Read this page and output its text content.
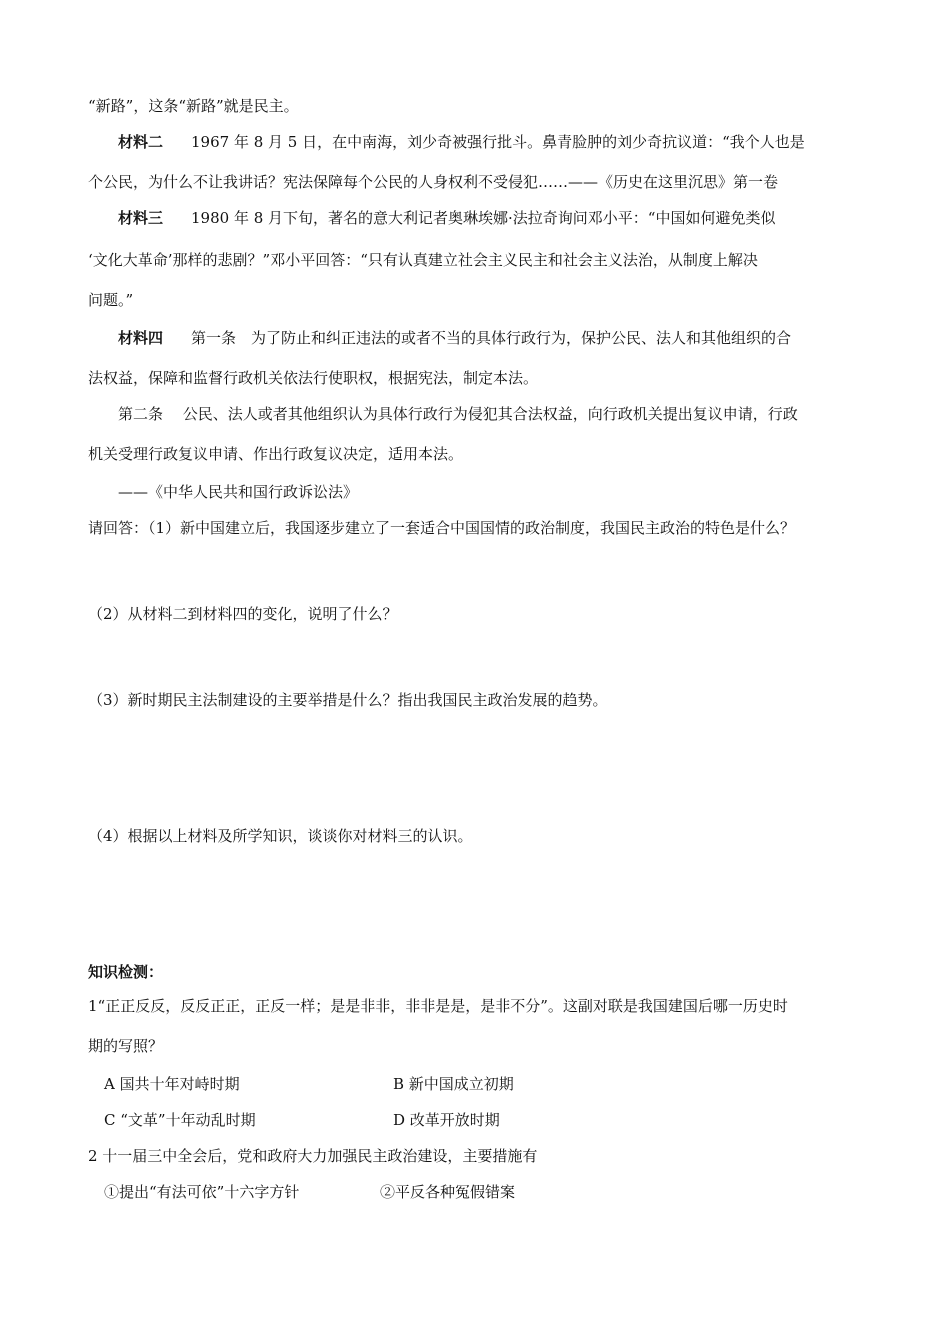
“新路”，这条“新路”就是民主。
材料二 1967 年 8 月 5 日，在中南海，刘少奇被强行批斗。鼻青脸肿的刘少奇抗议道：“我个人也是
个公民，为什么不让我讲话？宪法保障每个公民的人身权利不受侵犯……——《历史在这里沉思》第一卷
材料三 1980 年 8 月下旬，著名的意大利记者奥琳埃娜·法拉奇询问邓小平：“中国如何避免类似
‘文化大革命’那样的悲剧？”邓小平回答：“只有认真建立社会主义民主和社会主义法治，从制度上解决
问题。”
材料四 第一条　为了防止和纠正违法的或者不当的具体行政行为，保护公民、法人和其他组织的合
法权益，保障和监督行政机关依法行使职权，根据宪法，制定本法。
第二条　 公民、法人或者其他组织认为具体行政行为侵犯其合法权益，向行政机关提出复议申请，行政
机关受理行政复议申请、作出行政复议决定，适用本法。
——《中华人民共和国行政诉讼法》
请回答：（1）新中国建立后，我国逐步建立了一套适合中国国情的政治制度，我国民主政治的特色是什么？
（2）从材料二到材料四的变化，说明了什么？
（3）新时期民主法制建设的主要举措是什么？指出我国民主政治发展的趋势。
（4）根据以上材料及所学知识，谈谈你对材料三的认识。
知识检测：
1“正正反反，反反正正，正反一样；是是非非，非非是是，是非不分”。这副对联是我国建国后哪一历史时
期的写照？
A 国共十年对峙时期	B 新中国成立初期
C “文革”十年动乱时期	D 改革开放时期
2 十一届三中全会后，党和政府大力加强民主政治建设，主要措施有
①提出“有法可依”十六字方针	②平反各种冤假错案
